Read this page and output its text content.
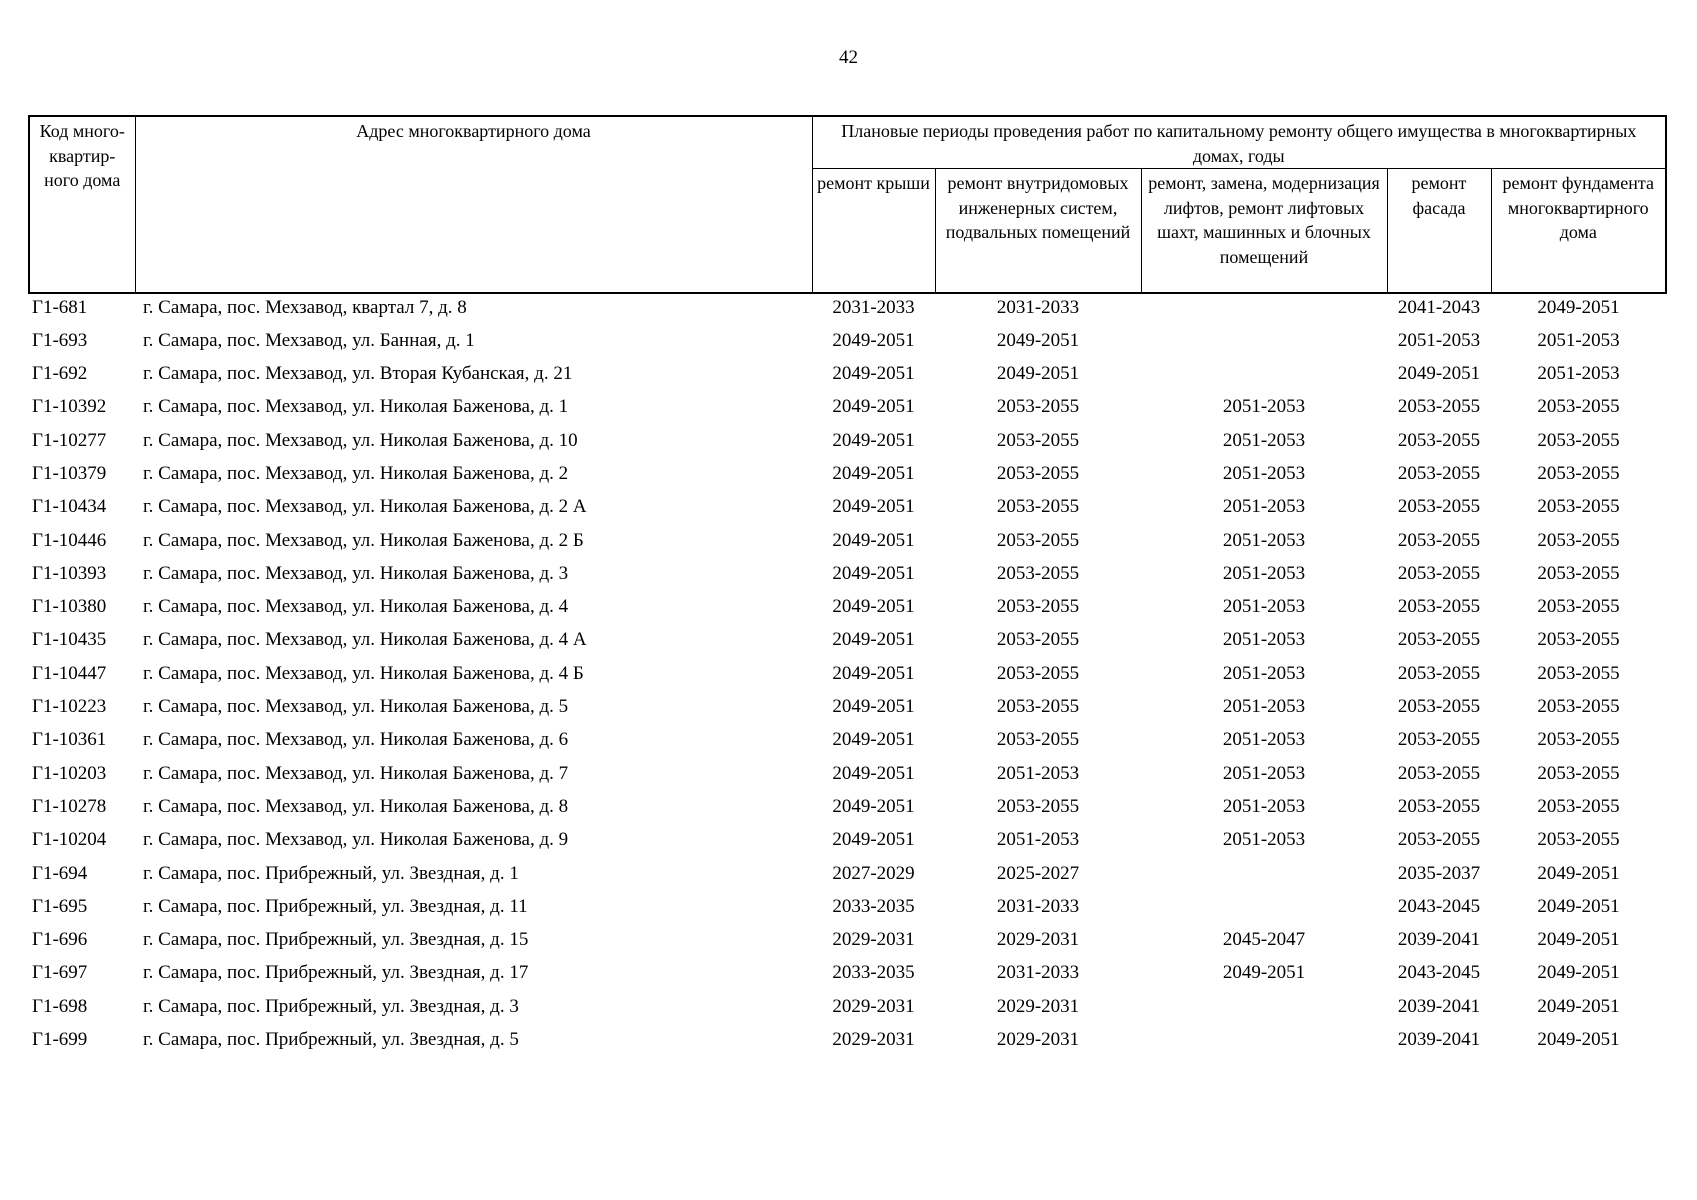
42
Код много-квартир-ного дома	Адрес многоквартирного дома	Плановые периоды проведения работ по капитальному ремонту общего имущества в многоквартирных домах, годы				
		ремонт крыши	ремонт внутридомовых инженерных систем, подвальных помещений	ремонт, замена, модернизация лифтов, ремонт лифтовых шахт, машинных и блочных помещений	ремонт фасада	ремонт фундамента многоквартирного дома
Г1-681	г. Самара, пос. Мехзавод, квартал 7, д. 8	2031-2033	2031-2033		2041-2043	2049-2051
Г1-693	г. Самара, пос. Мехзавод, ул. Банная, д. 1	2049-2051	2049-2051		2051-2053	2051-2053
Г1-692	г. Самара, пос. Мехзавод, ул. Вторая Кубанская, д. 21	2049-2051	2049-2051		2049-2051	2051-2053
Г1-10392	г. Самара, пос. Мехзавод, ул. Николая Баженова, д. 1	2049-2051	2053-2055	2051-2053	2053-2055	2053-2055
Г1-10277	г. Самара, пос. Мехзавод, ул. Николая Баженова, д. 10	2049-2051	2053-2055	2051-2053	2053-2055	2053-2055
Г1-10379	г. Самара, пос. Мехзавод, ул. Николая Баженова, д. 2	2049-2051	2053-2055	2051-2053	2053-2055	2053-2055
Г1-10434	г. Самара, пос. Мехзавод, ул. Николая Баженова, д. 2 А	2049-2051	2053-2055	2051-2053	2053-2055	2053-2055
Г1-10446	г. Самара, пос. Мехзавод, ул. Николая Баженова, д. 2 Б	2049-2051	2053-2055	2051-2053	2053-2055	2053-2055
Г1-10393	г. Самара, пос. Мехзавод, ул. Николая Баженова, д. 3	2049-2051	2053-2055	2051-2053	2053-2055	2053-2055
Г1-10380	г. Самара, пос. Мехзавод, ул. Николая Баженова, д. 4	2049-2051	2053-2055	2051-2053	2053-2055	2053-2055
Г1-10435	г. Самара, пос. Мехзавод, ул. Николая Баженова, д. 4 А	2049-2051	2053-2055	2051-2053	2053-2055	2053-2055
Г1-10447	г. Самара, пос. Мехзавод, ул. Николая Баженова, д. 4 Б	2049-2051	2053-2055	2051-2053	2053-2055	2053-2055
Г1-10223	г. Самара, пос. Мехзавод, ул. Николая Баженова, д. 5	2049-2051	2053-2055	2051-2053	2053-2055	2053-2055
Г1-10361	г. Самара, пос. Мехзавод, ул. Николая Баженова, д. 6	2049-2051	2053-2055	2051-2053	2053-2055	2053-2055
Г1-10203	г. Самара, пос. Мехзавод, ул. Николая Баженова, д. 7	2049-2051	2051-2053	2051-2053	2053-2055	2053-2055
Г1-10278	г. Самара, пос. Мехзавод, ул. Николая Баженова, д. 8	2049-2051	2053-2055	2051-2053	2053-2055	2053-2055
Г1-10204	г. Самара, пос. Мехзавод, ул. Николая Баженова, д. 9	2049-2051	2051-2053	2051-2053	2053-2055	2053-2055
Г1-694	г. Самара, пос. Прибрежный, ул. Звездная, д. 1	2027-2029	2025-2027		2035-2037	2049-2051
Г1-695	г. Самара, пос. Прибрежный, ул. Звездная, д. 11	2033-2035	2031-2033		2043-2045	2049-2051
Г1-696	г. Самара, пос. Прибрежный, ул. Звездная, д. 15	2029-2031	2029-2031	2045-2047	2039-2041	2049-2051
Г1-697	г. Самара, пос. Прибрежный, ул. Звездная, д. 17	2033-2035	2031-2033	2049-2051	2043-2045	2049-2051
Г1-698	г. Самара, пос. Прибрежный, ул. Звездная, д. 3	2029-2031	2029-2031		2039-2041	2049-2051
Г1-699	г. Самара, пос. Прибрежный, ул. Звездная, д. 5	2029-2031	2029-2031		2039-2041	2049-2051
